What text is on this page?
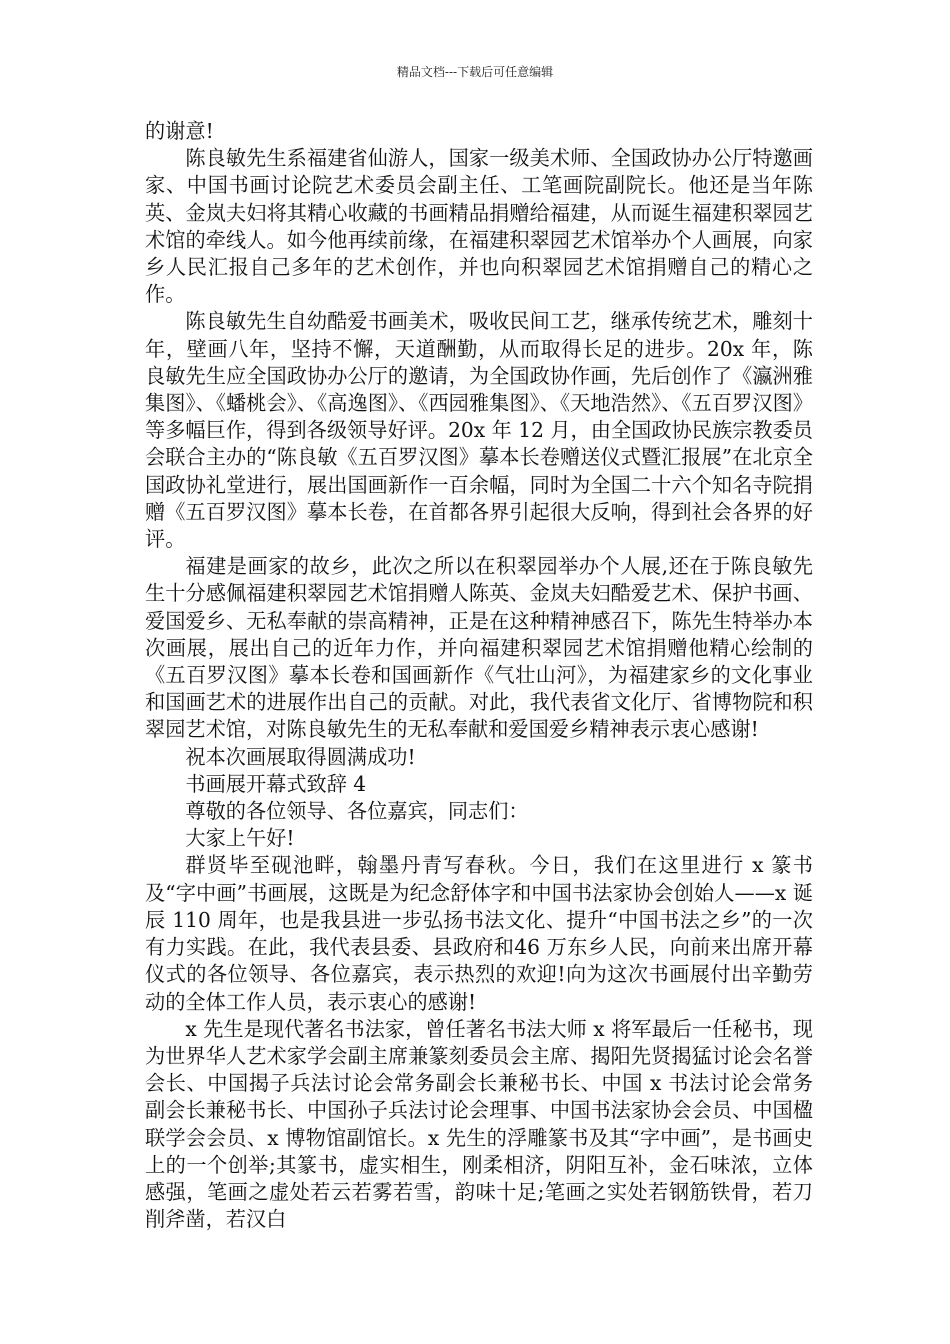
精品文档---下载后可任意编辑

的谢意!

陈良敏先生系福建省仙游人，国家一级美术师、全国政协办公厅特邀画家、中国书画讨论院艺术委员会副主任、工笔画院副院长。他还是当年陈英、金岚夫妇将其精心收藏的书画精品捐赠给福建，从而诞生福建积翠园艺术馆的牵线人。如今他再续前缘，在福建积翠园艺术馆举办个人画展，向家乡人民汇报自己多年的艺术创作，并也向积翠园艺术馆捐赠自己的精心之作。

陈良敏先生自幼酷爱书画美术，吸收民间工艺，继承传统艺术，雕刻十年，壁画八年，坚持不懈，天道酬勤，从而取得长足的进步。20x 年，陈良敏先生应全国政协办公厅的邀请，为全国政协作画，先后创作了《瀛洲雅集图》、《蟠桃会》、《高逸图》、《西园雅集图》、《天地浩然》、《五百罗汉图》等多幅巨作，得到各级领导好评。20x 年 12 月，由全国政协民族宗教委员会联合主办的“陈良敏《五百罗汉图》摹本长卷赠送仪式暨汇报展”在北京全国政协礼堂进行，展出国画新作一百余幅，同时为全国二十六个知名寺院捐赠《五百罗汉图》摹本长卷，在首都各界引起很大反响，得到社会各界的好评。

福建是画家的故乡，此次之所以在积翠园举办个人展,还在于陈良敏先生十分感佩福建积翠园艺术馆捐赠人陈英、金岚夫妇酷爱艺术、保护书画、爱国爱乡、无私奉献的崇高精神，正是在这种精神感召下，陈先生特举办本次画展，展出自己的近年力作，并向福建积翠园艺术馆捐赠他精心绘制的《五百罗汉图》摹本长卷和国画新作《气壮山河》，为福建家乡的文化事业和国画艺术的进展作出自己的贡献。对此，我代表省文化厅、省博物院和积翠园艺术馆，对陈良敏先生的无私奉献和爱国爱乡精神表示衷心感谢!

祝本次画展取得圆满成功!

书画展开幕式致辞 4

尊敬的各位领导、各位嘉宾，同志们：

大家上午好!

群贤毕至砚池畔，翰墨丹青写春秋。今日，我们在这里进行 x 篆书及“字中画”书画展，这既是为纪念舒体字和中国书法家协会创始人——x 诞辰 110 周年，也是我县进一步弘扬书法文化、提升“中国书法之乡”的一次有力实践。在此，我代表县委、县政府和46 万东乡人民，向前来出席开幕仪式的各位领导、各位嘉宾，表示热烈的欢迎!向为这次书画展付出辛勤劳动的全体工作人员，表示衷心的感谢!

x 先生是现代著名书法家，曾任著名书法大师 x 将军最后一任秘书，现为世界华人艺术家学会副主席兼篆刻委员会主席、揭阳先贤揭猛讨论会名誉会长、中国揭子兵法讨论会常务副会长兼秘书长、中国 x 书法讨论会常务副会长兼秘书长、中国孙子兵法讨论会理事、中国书法家协会会员、中国楹联学会会员、x 博物馆副馆长。x 先生的浮雕篆书及其“字中画”，是书画史上的一个创举;其篆书，虚实相生，刚柔相济，阴阳互补，金石味浓，立体感强，笔画之虚处若云若雾若雪，韵味十足;笔画之实处若钢筋铁骨，若刀削斧凿，若汉白
